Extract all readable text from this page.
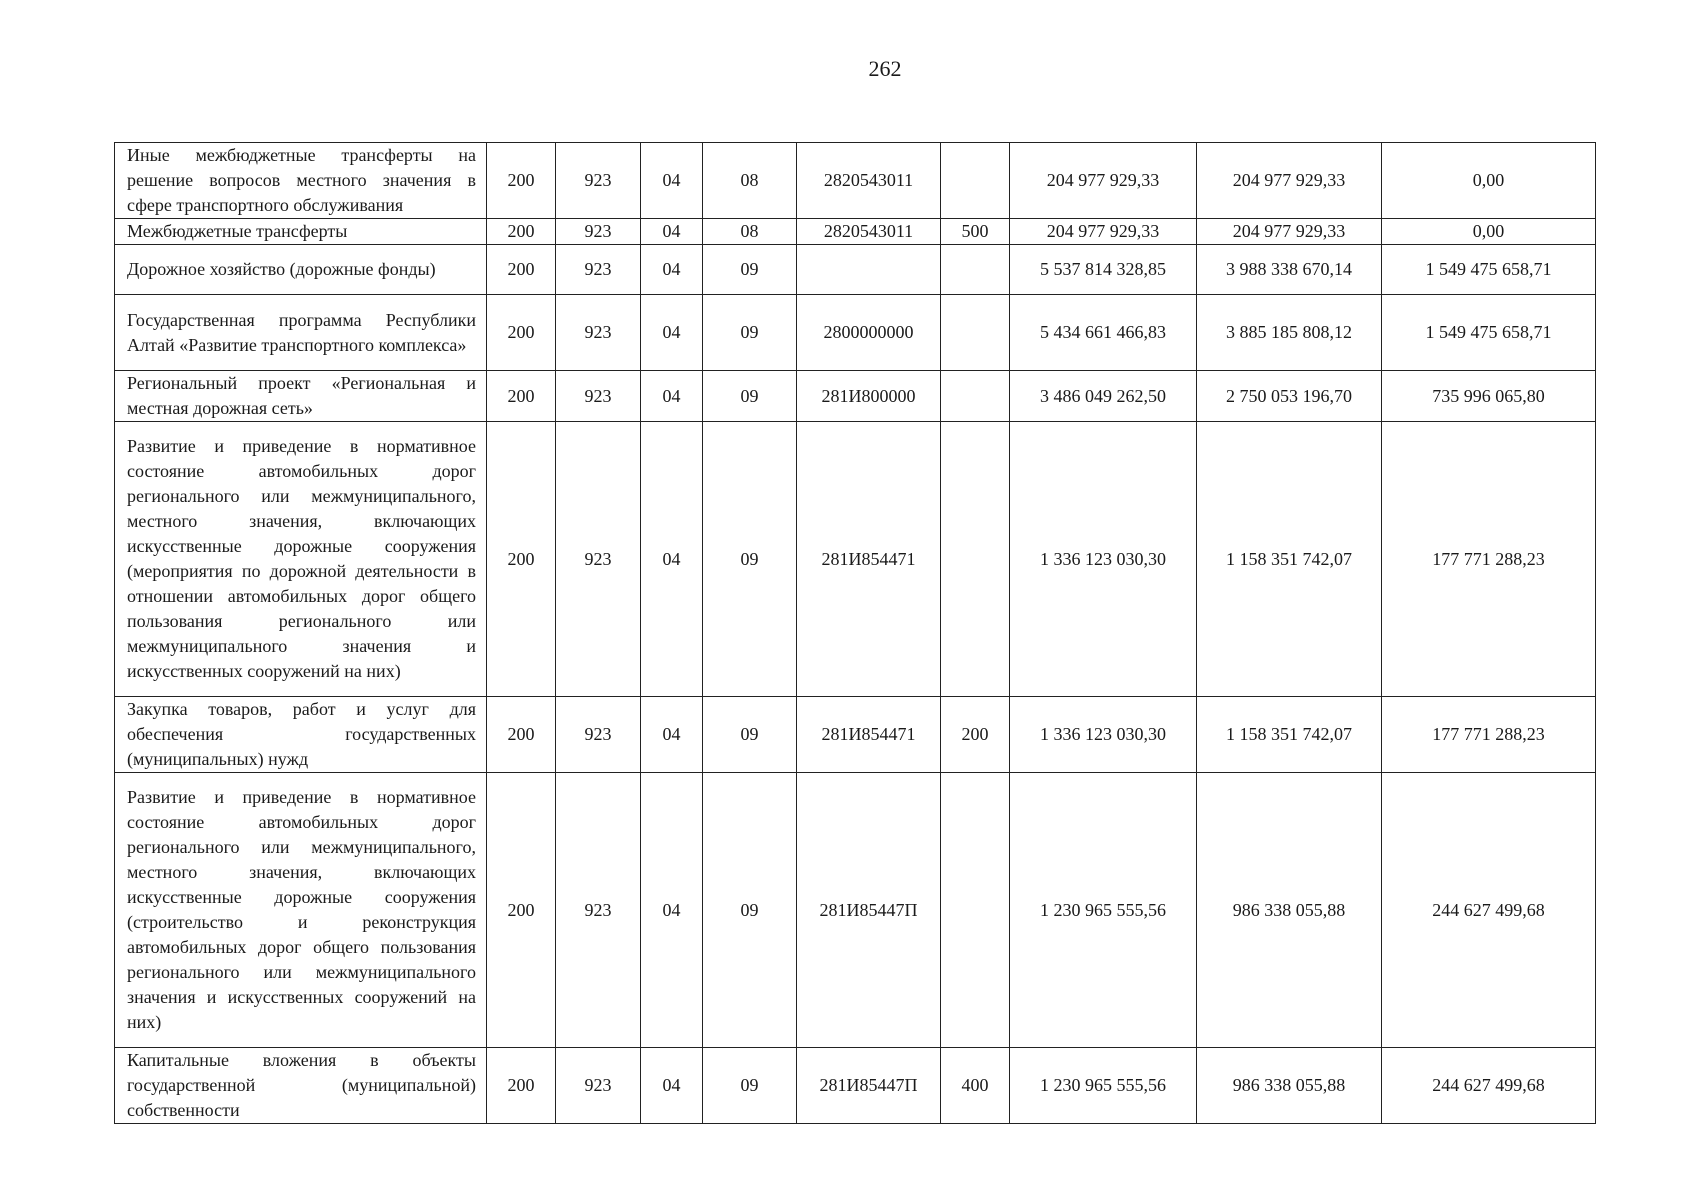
262
Иные межбюджетные трансферты на решение вопросов местного значения в сфере транспортного обслуживания	200	923	04	08	2820543011		204 977 929,33	204 977 929,33	0,00
Межбюджетные трансферты	200	923	04	08	2820543011	500	204 977 929,33	204 977 929,33	0,00
Дорожное хозяйство (дорожные фонды)	200	923	04	09			5 537 814 328,85	3 988 338 670,14	1 549 475 658,71
Государственная программа Республики Алтай «Развитие транспортного комплекса»	200	923	04	09	2800000000		5 434 661 466,83	3 885 185 808,12	1 549 475 658,71
Региональный проект «Региональная и местная дорожная сеть»	200	923	04	09	281И800000		3 486 049 262,50	2 750 053 196,70	735 996 065,80
Развитие и приведение в нормативное состояние автомобильных дорог регионального или межмуниципального, местного значения, включающих искусственные дорожные сооружения (мероприятия по дорожной деятельности в отношении автомобильных дорог общего пользования регионального или межмуниципального значения и искусственных сооружений на них)	200	923	04	09	281И854471		1 336 123 030,30	1 158 351 742,07	177 771 288,23
Закупка товаров, работ и услуг для обеспечения государственных (муниципальных) нужд	200	923	04	09	281И854471	200	1 336 123 030,30	1 158 351 742,07	177 771 288,23
Развитие и приведение в нормативное состояние автомобильных дорог регионального или межмуниципального, местного значения, включающих искусственные дорожные сооружения (строительство и реконструкция автомобильных дорог общего пользования регионального или межмуниципального значения и искусственных сооружений на них)	200	923	04	09	281И85447П		1 230 965 555,56	986 338 055,88	244 627 499,68
Капитальные вложения в объекты государственной (муниципальной) собственности	200	923	04	09	281И85447П	400	1 230 965 555,56	986 338 055,88	244 627 499,68
